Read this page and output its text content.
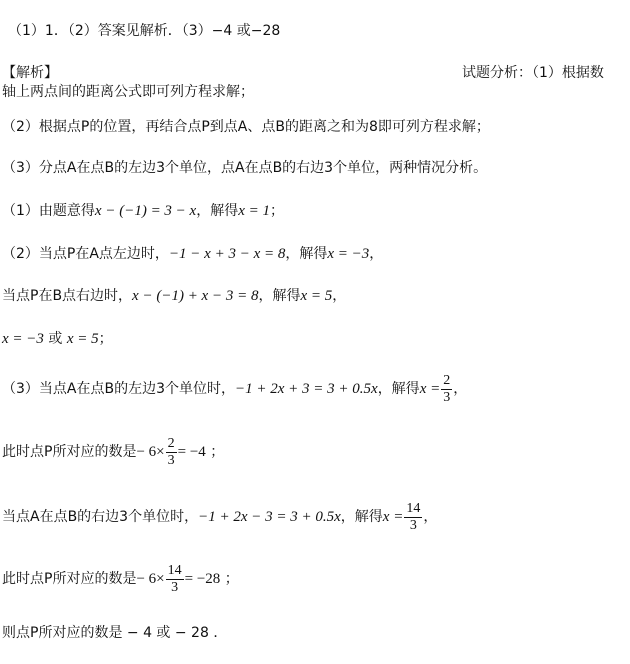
（1）1．（2）答案见解析．（3）−4 或−28
【解析】	试题分析：（1）根据数
轴上两点间的距离公式即可列方程求解；
（2）根据点P的位置，再结合点P到点A、点B的距离之和为8即可列方程求解；
（3）分点A在点B的左边3个单位，点A在点B的右边3个单位，两种情况分析。
（1）由题意得x − (−1) = 3 − x，解得x = 1；
（2）当点P在A点左边时，−1 − x + 3 − x = 8，解得x = −3，
当点P在B点右边时，x − (−1) + x − 3 = 8，解得x = 5，
x = −3 或 x = 5；
（3）当点A在点B的左边3个单位时，−1 + 2x + 3 = 3 + 0.5x，解得$x = \frac{2}{3}$ ，
此时点P所对应的数是− $6\times \frac{2}{3} = -4$ ；
当点A在点B的右边3个单位时，−1 + 2x − 3 = 3 + 0.5x，解得$x = \frac{14}{3}$ ，
此时点P所对应的数是− $6\times \frac{14}{3} = -28$ ；
则点P所对应的数是 − 4 或 − 28 ．
